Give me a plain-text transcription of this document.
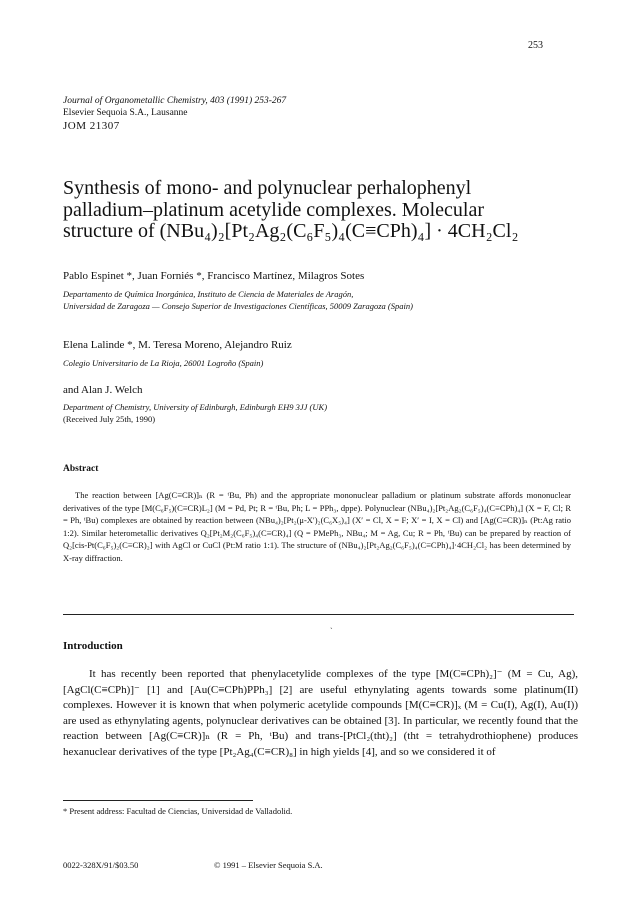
253
Journal of Organometallic Chemistry, 403 (1991) 253-267
Elsevier Sequoia S.A., Lausanne
JOM 21307
Synthesis of mono- and polynuclear perhalophenyl
palladium–platinum acetylide complexes. Molecular
structure of (NBu₄)₂[Pt₂Ag₂(C₆F₅)₄(C≡CPh)₄] · 4CH₂Cl₂
Pablo Espinet *, Juan Forniés *, Francisco Martínez, Milagros Sotes
Departamento de Química Inorgánica, Instituto de Ciencia de Materiales de Aragón,
Universidad de Zaragoza — Consejo Superior de Investigaciones Científicas, 50009 Zaragoza (Spain)
Elena Lalinde *, M. Teresa Moreno, Alejandro Ruiz
Colegio Universitario de La Rioja, 26001 Logroño (Spain)
and Alan J. Welch
Department of Chemistry, University of Edinburgh, Edinburgh EH9 3JJ (UK)
(Received July 25th, 1990)
Abstract
The reaction between [Ag(C≡CR)]ₙ (R = ᵗBu, Ph) and the appropriate mononuclear palladium or platinum substrate affords mononuclear derivatives of the type [M(C₆F₅)(C≡CR)L₂] (M = Pd, Pt; R = ᵗBu, Ph; L = PPh₃, dppe). Polynuclear (NBu₄)₂[Pt₂Ag₂(C₆F₅)₄(C≡CPh)₄] (X = F, Cl; R = Ph, ᵗBu) complexes are obtained by reaction between (NBu₄)₂[Pt₂(μ-X′)₂(C₆X₅)₄] (X′ = Cl, X = F; X′ = I, X = Cl) and [Ag(C≡CR)]ₙ (Pt:Ag ratio 1:2). Similar heterometallic derivatives Q₂[Pt₂M₂(C₆F₅)₄(C≡CR)₄] (Q = PMePh₃, NBu₄; M = Ag, Cu; R = Ph, ᵗBu) can be prepared by reaction of Q₂[cis-Pt(C₆F₅)₂(C≡CR)₂] with AgCl or CuCl (Pt:M ratio 1:1). The structure of (NBu₄)₂[Pt₂Ag₂(C₆F₅)₄(C≡CPh)₄]·4CH₂Cl₂ has been determined by X-ray diffraction.
ˎ
Introduction
It has recently been reported that phenylacetylide complexes of the type [M(C≡CPh)₂]⁻ (M = Cu, Ag), [AgCl(C≡CPh)]⁻ [1] and [Au(C≡CPh)PPh₃] [2] are useful ethynylating agents towards some platinum(II) complexes. However it is known that when polymeric acetylide compounds [M(C≡CR)]ₓ (M = Cu(I), Ag(I), Au(I)) are used as ethynylating agents, polynuclear derivatives can be obtained [3]. In particular, we recently found that the reaction between [Ag(C≡CR)]ₙ (R = Ph, ᵗBu) and trans-[PtCl₂(tht)₂] (tht = tetrahydrothiophene) produces hexanuclear derivatives of the type [Pt₂Ag₄(C≡CR)₈] in high yields [4], and so we considered it of
* Present address: Facultad de Ciencias, Universidad de Valladolid.
0022-328X/91/$03.50	© 1991 – Elsevier Sequoia S.A.
